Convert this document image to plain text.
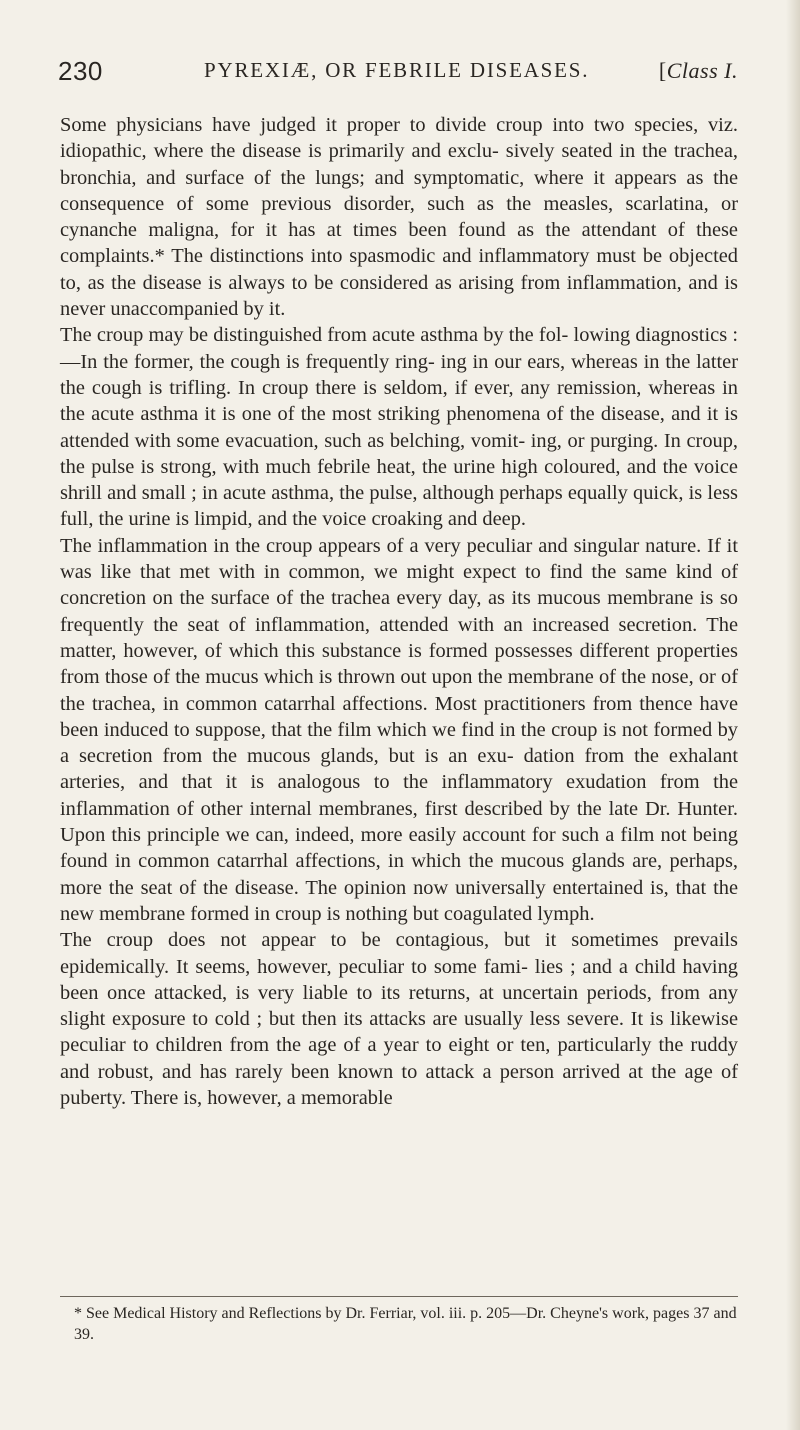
230	PYREXIÆ, OR FEBRILE DISEASES.	[Class I.

Some physicians have judged it proper to divide croup into two species, viz. idiopathic, where the disease is primarily and exclu- sively seated in the trachea, bronchia, and surface of the lungs; and symptomatic, where it appears as the consequence of some previous disorder, such as the measles, scarlatina, or cynanche maligna, for it has at times been found as the attendant of these complaints.* The distinctions into spasmodic and inflammatory must be objected to, as the disease is always to be considered as arising from inflammation, and is never unaccompanied by it.

The croup may be distinguished from acute asthma by the fol- lowing diagnostics :—In the former, the cough is frequently ring- ing in our ears, whereas in the latter the cough is trifling. In croup there is seldom, if ever, any remission, whereas in the acute asthma it is one of the most striking phenomena of the disease, and it is attended with some evacuation, such as belching, vomit- ing, or purging. In croup, the pulse is strong, with much febrile heat, the urine high coloured, and the voice shrill and small ; in acute asthma, the pulse, although perhaps equally quick, is less full, the urine is limpid, and the voice croaking and deep.

The inflammation in the croup appears of a very peculiar and singular nature. If it was like that met with in common, we might expect to find the same kind of concretion on the surface of the trachea every day, as its mucous membrane is so frequently the seat of inflammation, attended with an increased secretion. The matter, however, of which this substance is formed possesses different properties from those of the mucus which is thrown out upon the membrane of the nose, or of the trachea, in common catarrhal affections. Most practitioners from thence have been induced to suppose, that the film which we find in the croup is not formed by a secretion from the mucous glands, but is an exu- dation from the exhalant arteries, and that it is analogous to the inflammatory exudation from the inflammation of other internal membranes, first described by the late Dr. Hunter. Upon this principle we can, indeed, more easily account for such a film not being found in common catarrhal affections, in which the mucous glands are, perhaps, more the seat of the disease. The opinion now universally entertained is, that the new membrane formed in croup is nothing but coagulated lymph.

The croup does not appear to be contagious, but it sometimes prevails epidemically. It seems, however, peculiar to some fami- lies ; and a child having been once attacked, is very liable to its returns, at uncertain periods, from any slight exposure to cold ; but then its attacks are usually less severe. It is likewise peculiar to children from the age of a year to eight or ten, particularly the ruddy and robust, and has rarely been known to attack a person arrived at the age of puberty. There is, however, a memorable

* See Medical History and Reflections by Dr. Ferriar, vol. iii. p. 205—Dr. Cheyne's work, pages 37 and 39.
